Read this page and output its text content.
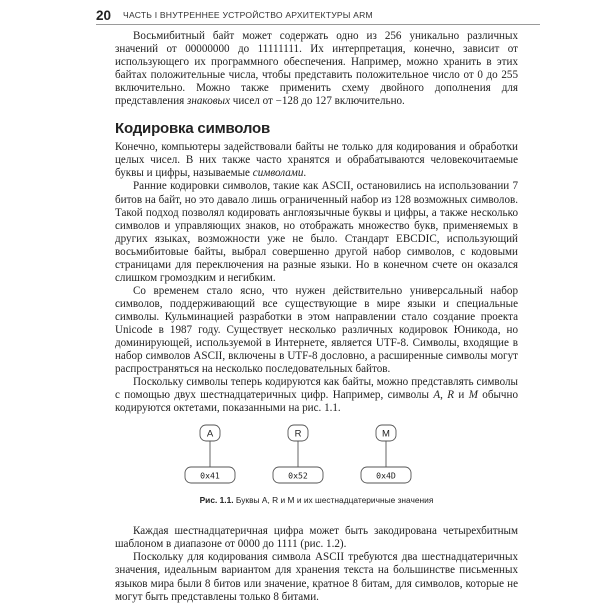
20 ЧАСТЬ I ВНУТРЕННЕЕ УСТРОЙСТВО АРХИТЕКТУРЫ ARM

Восьмибитный байт может содержать одно из 256 уникально различных значений от 00000000 до 11111111. Их интерпретация, конечно, зависит от использующего их программного обеспечения. Например, можно хранить в этих байтах положительные числа, чтобы представить положительное число от 0 до 255 включительно. Можно также применить схему двойного дополнения для представления знаковых чисел от −128 до 127 включительно.

Кодировка символов

Конечно, компьютеры задействовали байты не только для кодирования и обработки целых чисел. В них также часто хранятся и обрабатываются человекочитаемые буквы и цифры, называемые символами.

Ранние кодировки символов, такие как ASCII, остановились на использовании 7 битов на байт, но это давало лишь ограниченный набор из 128 возможных символов. Такой подход позволял кодировать англоязычные буквы и цифры, а также несколько символов и управляющих знаков, но отображать множество букв, применяемых в других языках, возможности уже не было. Стандарт EBCDIC, использующий восьмибитовые байты, выбрал совершенно другой набор символов, с кодовыми страницами для переключения на разные языки. Но в конечном счете он оказался слишком громоздким и негибким.

Со временем стало ясно, что нужен действительно универсальный набор символов, поддерживающий все существующие в мире языки и специальные символы. Кульминацией разработки в этом направлении стало создание проекта Unicode в 1987 году. Существует несколько различных кодировок Юникода, но доминирующей, используемой в Интернете, является UTF-8. Символы, входящие в набор символов ASCII, включены в UTF-8 дословно, а расширенные символы могут распространяться на несколько последовательных байтов.

Поскольку символы теперь кодируются как байты, можно представлять символы с помощью двух шестнадцатеричных цифр. Например, символы A, R и M обычно кодируются октетами, показанными на рис. 1.1.

A
0x41
R
0x52
M
0x4D
Рис. 1.1. Буквы A, R и M и их шестнадцатеричные значения

Каждая шестнадцатеричная цифра может быть закодирована четырехбитным шаблоном в диапазоне от 0000 до 1111 (рис. 1.2).

Поскольку для кодирования символа ASCII требуются два шестнадцатеричных значения, идеальным вариантом для хранения текста на большинстве письменных языков мира были 8 битов или значение, кратное 8 битам, для символов, которые не могут быть представлены только 8 битами.
